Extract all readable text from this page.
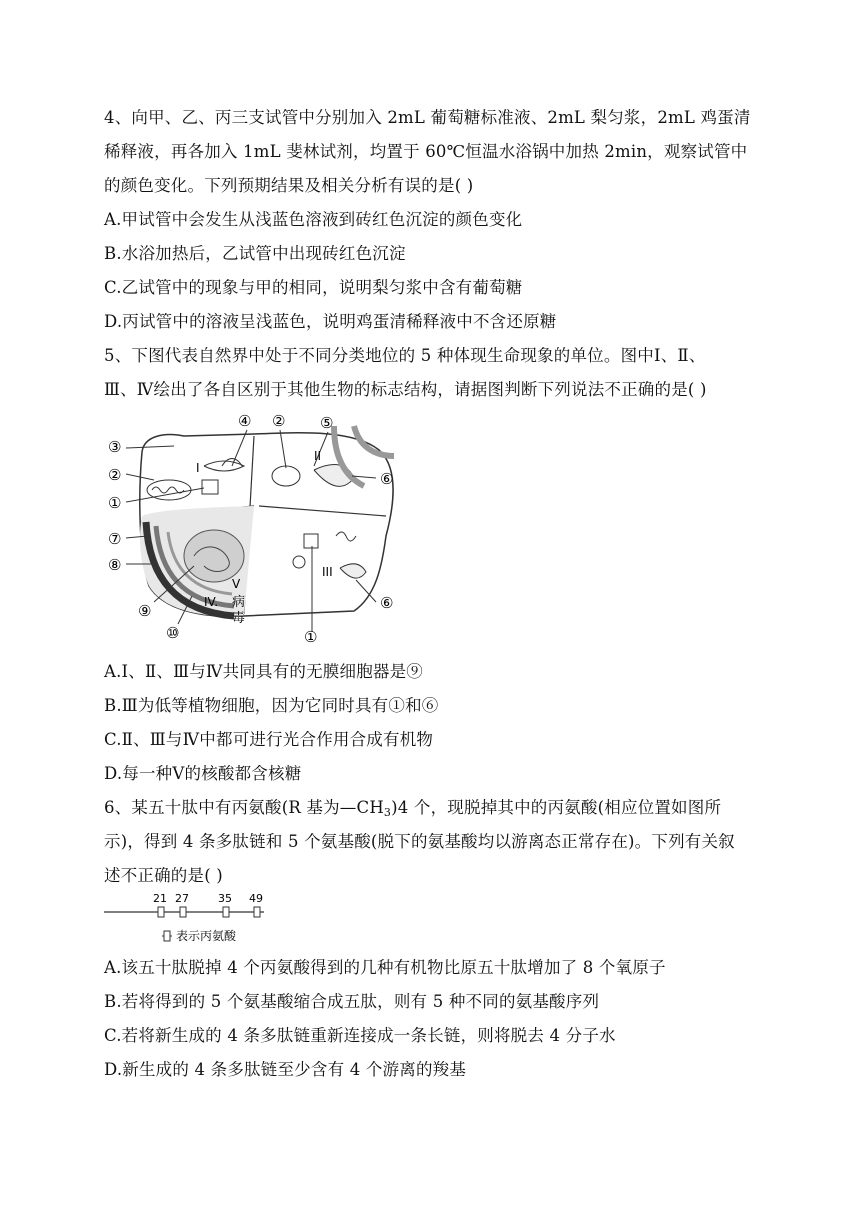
4、向甲、乙、丙三支试管中分别加入 2mL 葡萄糖标准液、2mL 梨匀浆，2mL 鸡蛋清
稀释液，再各加入 1mL 斐林试剂，均置于 60℃恒温水浴锅中加热 2min，观察试管中
的颜色变化。下列预期结果及相关分析有误的是( )
A.甲试管中会发生从浅蓝色溶液到砖红色沉淀的颜色变化
B.水浴加热后，乙试管中出现砖红色沉淀
C.乙试管中的现象与甲的相同，说明梨匀浆中含有葡萄糖
D.丙试管中的溶液呈浅蓝色，说明鸡蛋清稀释液中不含还原糖
5、下图代表自然界中处于不同分类地位的 5 种体现生命现象的单位。图中Ⅰ、Ⅱ、
Ⅲ、Ⅳ绘出了各自区别于其他生物的标志结构，请据图判断下列说法不正确的是( )
③
②
①
⑦
⑧
⑨
⑩
④ ② ⑤
⑥
⑥
①
I
II
III
IV.
V
病
毒
A.Ⅰ、Ⅱ、Ⅲ与Ⅳ共同具有的无膜细胞器是⑨
B.Ⅲ为低等植物细胞，因为它同时具有①和⑥
C.Ⅱ、Ⅲ与Ⅳ中都可进行光合作用合成有机物
D.每一种Ⅴ的核酸都含核糖
6、某五十肽中有丙氨酸(R 基为—CH3)4 个，现脱掉其中的丙氨酸(相应位置如图所
示)，得到 4 条多肽链和 5 个氨基酸(脱下的氨基酸均以游离态正常存在)。下列有关叙
述不正确的是( )
21 27	35 49
表示丙氨酸
A.该五十肽脱掉 4 个丙氨酸得到的几种有机物比原五十肽增加了 8 个氧原子
B.若将得到的 5 个氨基酸缩合成五肽，则有 5 种不同的氨基酸序列
C.若将新生成的 4 条多肽链重新连接成一条长链，则将脱去 4 分子水
D.新生成的 4 条多肽链至少含有 4 个游离的羧基
